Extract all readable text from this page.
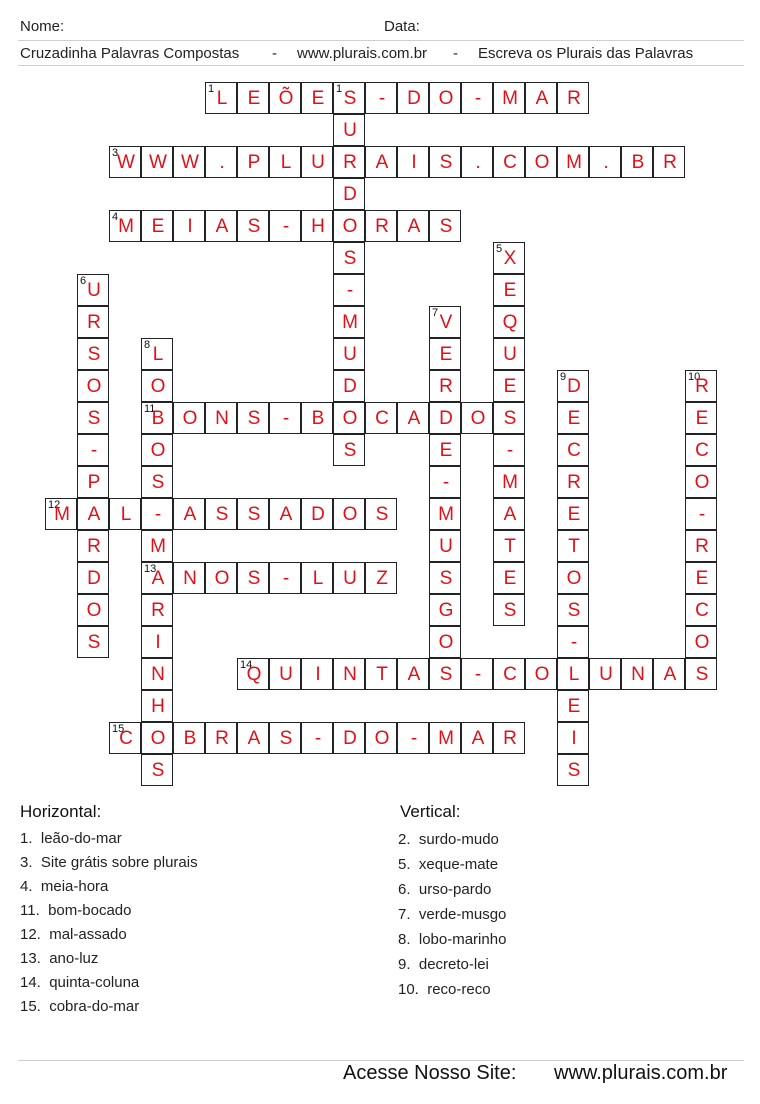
Nome:	Data:
Cruzadinha Palavras Compostas - www.plurais.com.br - Escreva os Plurais das Palavras
1 L	E Õ E	1 S	-	D O	-	M A R
3
W W W	.	P	L	U R A	I	S	.	C O M	.	B R
4 M E	I	A	S	-	H O R A	S
11
B O N S	-	B O C A D O S
12
M A	L	-	A	S	S	A D O S
13
A N O S	-	L	U	Z
14
Q U	I	N	T	A	S	-	C O	L	U N A	S
15
C O B R A	S	-	D O	-	M A R
U
D
S
-
M
U
D
S
5 X
E
Q
U
E
-
M
A
T
E
S
6 U
R
S
O
S
-
P
R
D
O
S
7 V
E
R
E
-
M
U
S
G
O
8 L
O
O
S
M
R
I
N
H
S
9 D
E
C
R
E
T
O
S
-
E
I
S
10
R
E
C
O
-
R
E
C
O
Horizontal:	Vertical:
1. leão-do-mar
3. Site grátis sobre plurais
4. meia-hora
11. bom-bocado
12. mal-assado
13. ano-luz
14. quinta-coluna
15. cobra-do-mar
2. surdo-mudo
5. xeque-mate
6. urso-pardo
7. verde-musgo
8. lobo-marinho
9. decreto-lei
10. reco-reco
Acesse Nosso Site: www.plurais.com.br
